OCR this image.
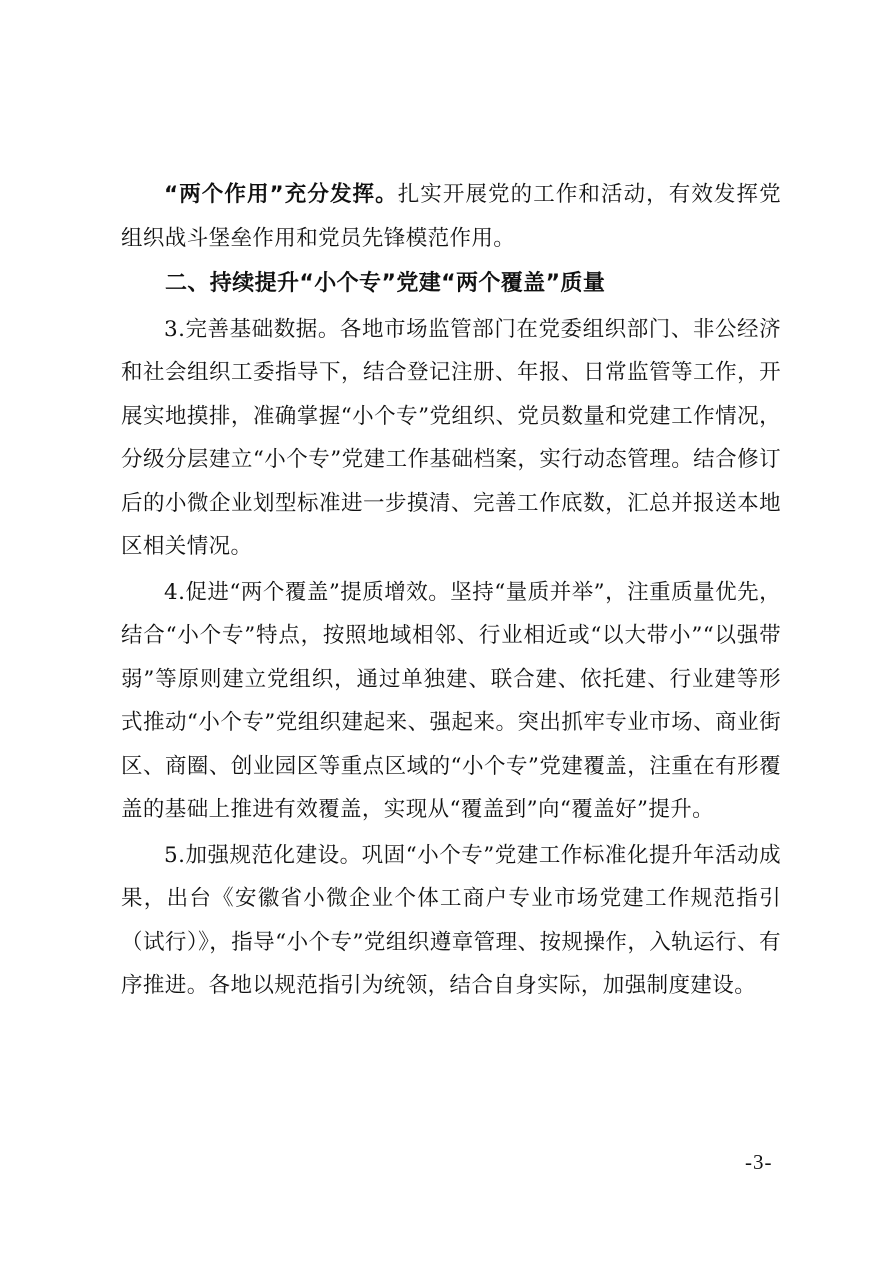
“两个作用”充分发挥。扎实开展党的工作和活动，有效发挥党组织战斗堡垒作用和党员先锋模范作用。

二、持续提升“小个专”党建“两个覆盖”质量

3.完善基础数据。各地市场监管部门在党委组织部门、非公经济和社会组织工委指导下，结合登记注册、年报、日常监管等工作，开展实地摸排，准确掌握“小个专”党组织、党员数量和党建工作情况，分级分层建立“小个专”党建工作基础档案，实行动态管理。结合修订后的小微企业划型标准进一步摸清、完善工作底数，汇总并报送本地区相关情况。

4.促进“两个覆盖”提质增效。坚持“量质并举”，注重质量优先，结合“小个专”特点，按照地域相邻、行业相近或“以大带小”“以强带弱”等原则建立党组织，通过单独建、联合建、依托建、行业建等形式推动“小个专”党组织建起来、强起来。突出抓牢专业市场、商业街区、商圈、创业园区等重点区域的“小个专”党建覆盖，注重在有形覆盖的基础上推进有效覆盖，实现从“覆盖到”向“覆盖好”提升。

5.加强规范化建设。巩固“小个专”党建工作标准化提升年活动成果，出台《安徽省小微企业个体工商户专业市场党建工作规范指引（试行）》，指导“小个专”党组织遵章管理、按规操作，入轨运行、有序推进。各地以规范指引为统领，结合自身实际，加强制度建设。

-3-
